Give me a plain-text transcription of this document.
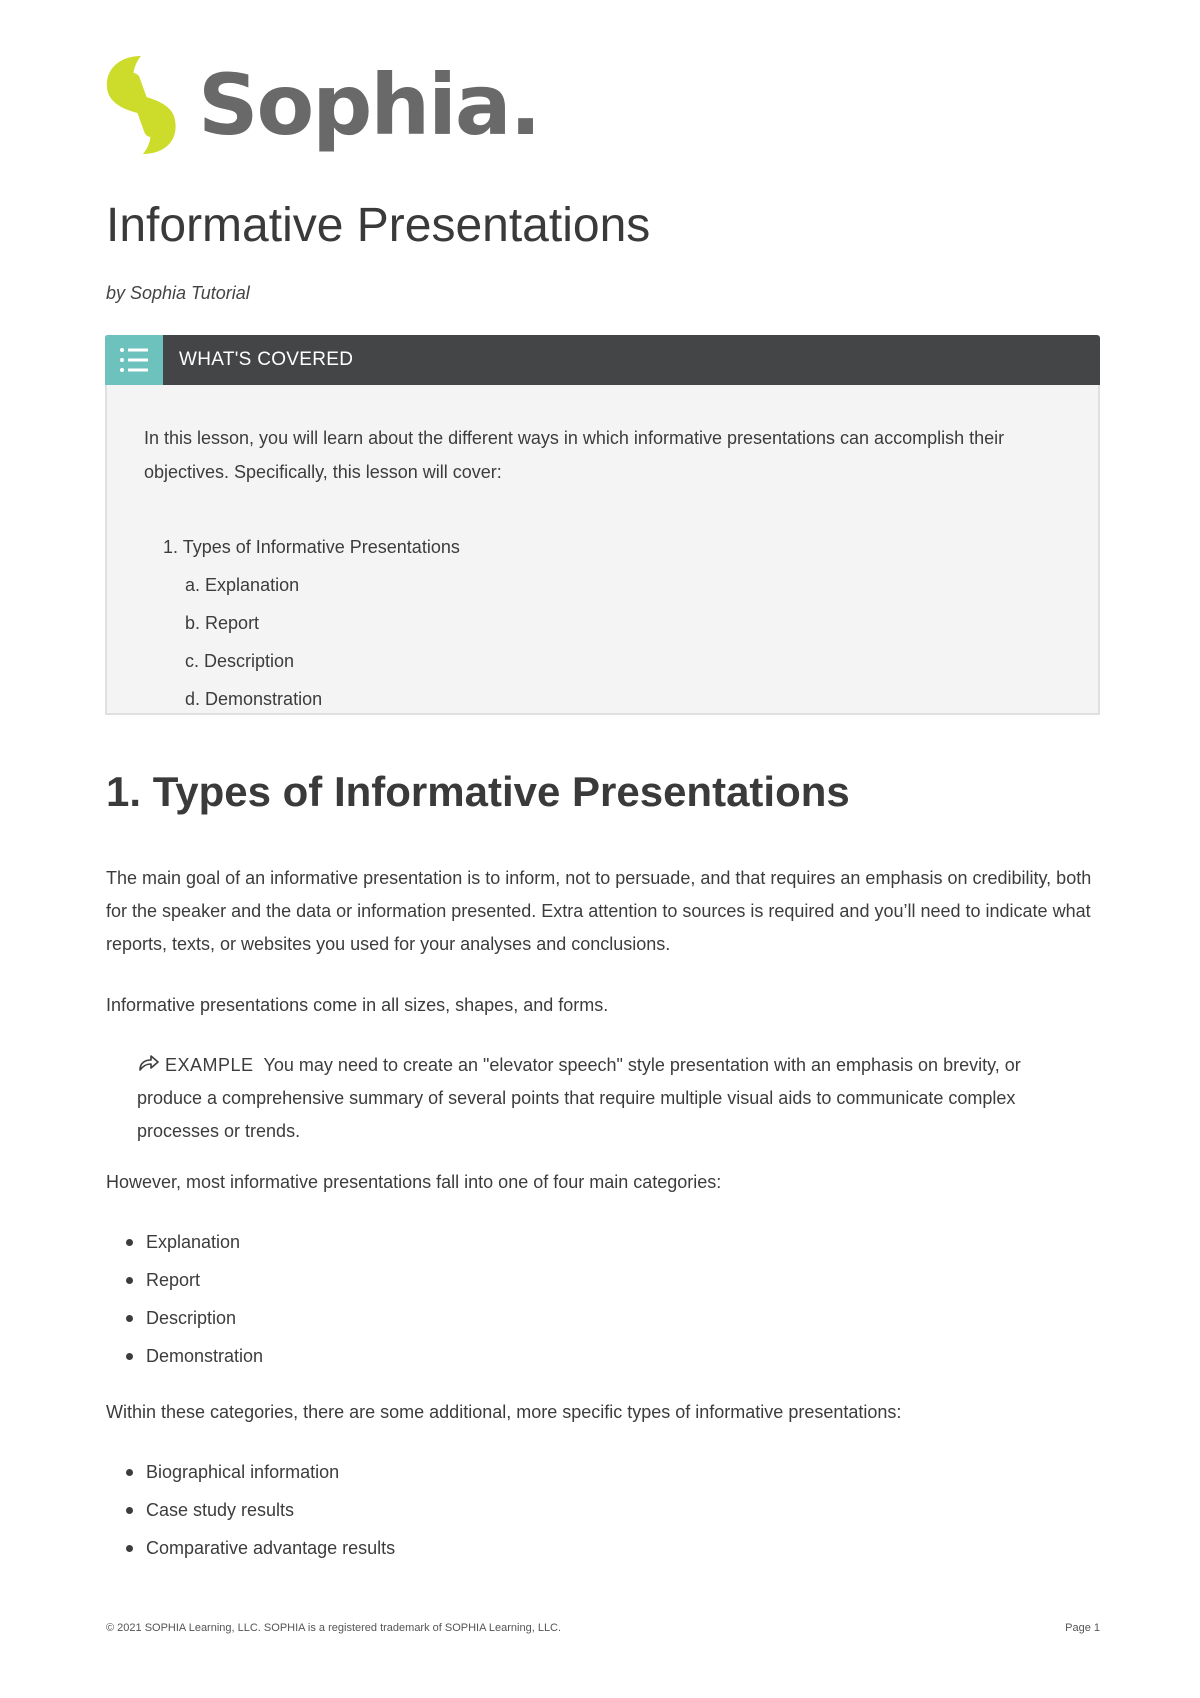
Sophia.
Informative Presentations
by Sophia Tutorial
WHAT'S COVERED
In this lesson, you will learn about the different ways in which informative presentations can accomplish their objectives. Specifically, this lesson will cover:
1. Types of Informative Presentations
a. Explanation
b. Report
c. Description
d. Demonstration
1. Types of Informative Presentations
The main goal of an informative presentation is to inform, not to persuade, and that requires an emphasis on credibility, both for the speaker and the data or information presented. Extra attention to sources is required and you’ll need to indicate what reports, texts, or websites you used for your analyses and conclusions.
Informative presentations come in all sizes, shapes, and forms.
EXAMPLE You may need to create an "elevator speech" style presentation with an emphasis on brevity, or produce a comprehensive summary of several points that require multiple visual aids to communicate complex processes or trends.
However, most informative presentations fall into one of four main categories:
Explanation
Report
Description
Demonstration
Within these categories, there are some additional, more specific types of informative presentations:
Biographical information
Case study results
Comparative advantage results
© 2021 SOPHIA Learning, LLC. SOPHIA is a registered trademark of SOPHIA Learning, LLC.	Page 1
